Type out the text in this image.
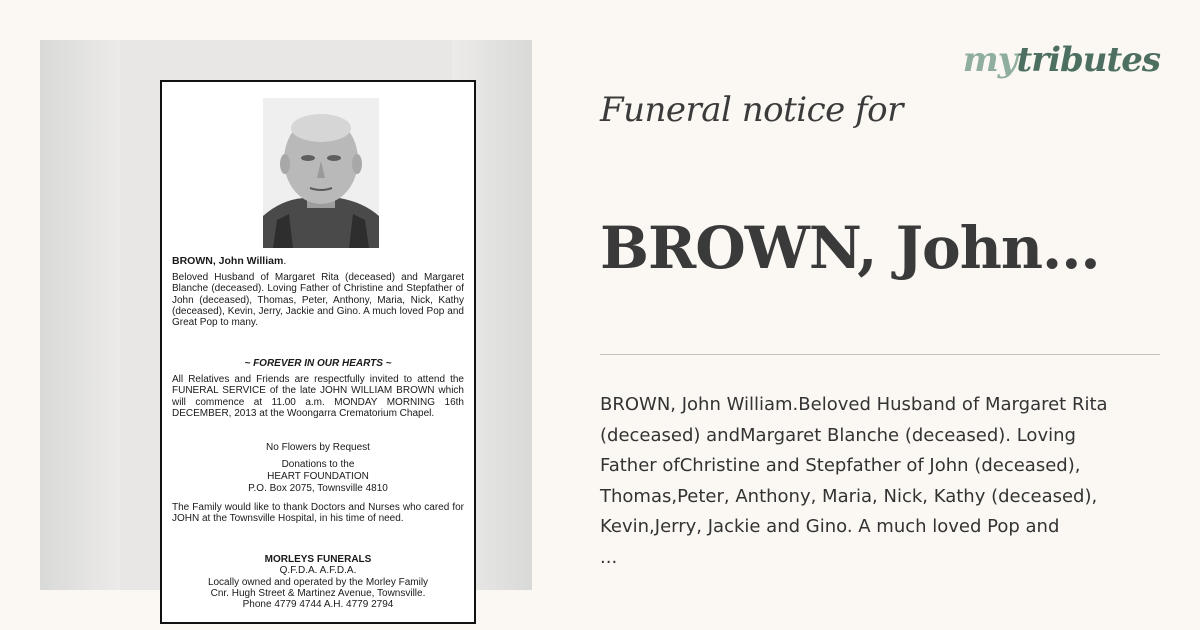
BROWN, John William.
Beloved Husband of Margaret Rita (deceased) and Margaret Blanche (deceased). Loving Father of Christine and Stepfather of John (deceased), Thomas, Peter, Anthony, Maria, Nick, Kathy (deceased), Kevin, Jerry, Jackie and Gino. A much loved Pop and Great Pop to many.
~ FOREVER IN OUR HEARTS ~
All Relatives and Friends are respectfully invited to attend the FUNERAL SERVICE of the late JOHN WILLIAM BROWN which will commence at 11.00 a.m. MONDAY MORNING 16th DECEMBER, 2013 at the Woongarra Crematorium Chapel.
No Flowers by Request
Donations to the
HEART FOUNDATION
P.O. Box 2075, Townsville 4810
The Family would like to thank Doctors and Nurses who cared for JOHN at the Townsville Hospital, in his time of need.
MORLEYS FUNERALS
Q.F.D.A. A.F.D.A.
Locally owned and operated by the Morley Family
Cnr. Hugh Street & Martinez Avenue, Townsville.
Phone 4779 4744 A.H. 4779 2794
mytributes
Funeral notice for
BROWN, John...
BROWN, John William.Beloved Husband of Margaret Rita
(deceased) andMargaret Blanche (deceased). Loving
Father ofChristine and Stepfather of John (deceased),
Thomas,Peter, Anthony, Maria, Nick, Kathy (deceased),
Kevin,Jerry, Jackie and Gino. A much loved Pop and
...
